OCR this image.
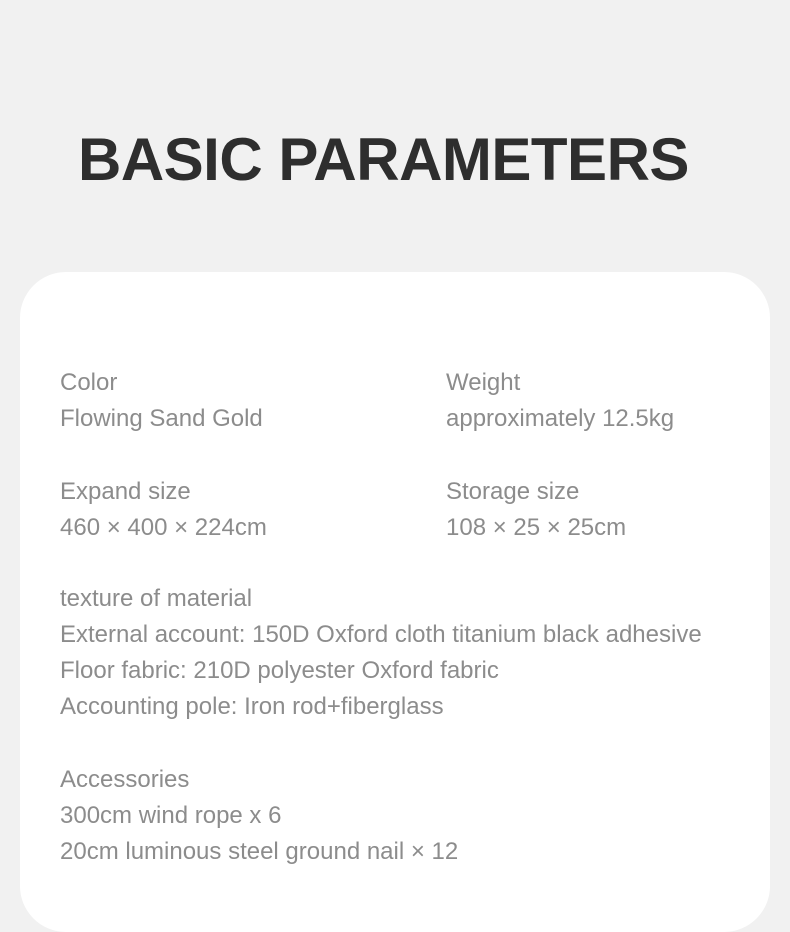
BASIC PARAMETERS
Color
Flowing Sand Gold
Weight
approximately 12.5kg
Expand size
460 × 400 × 224cm
Storage size
108 × 25 × 25cm
texture of material
External account: 150D Oxford cloth titanium black adhesive
Floor fabric: 210D polyester Oxford fabric
Accounting pole: Iron rod+fiberglass
Accessories
300cm wind rope x 6
20cm luminous steel ground nail × 12
